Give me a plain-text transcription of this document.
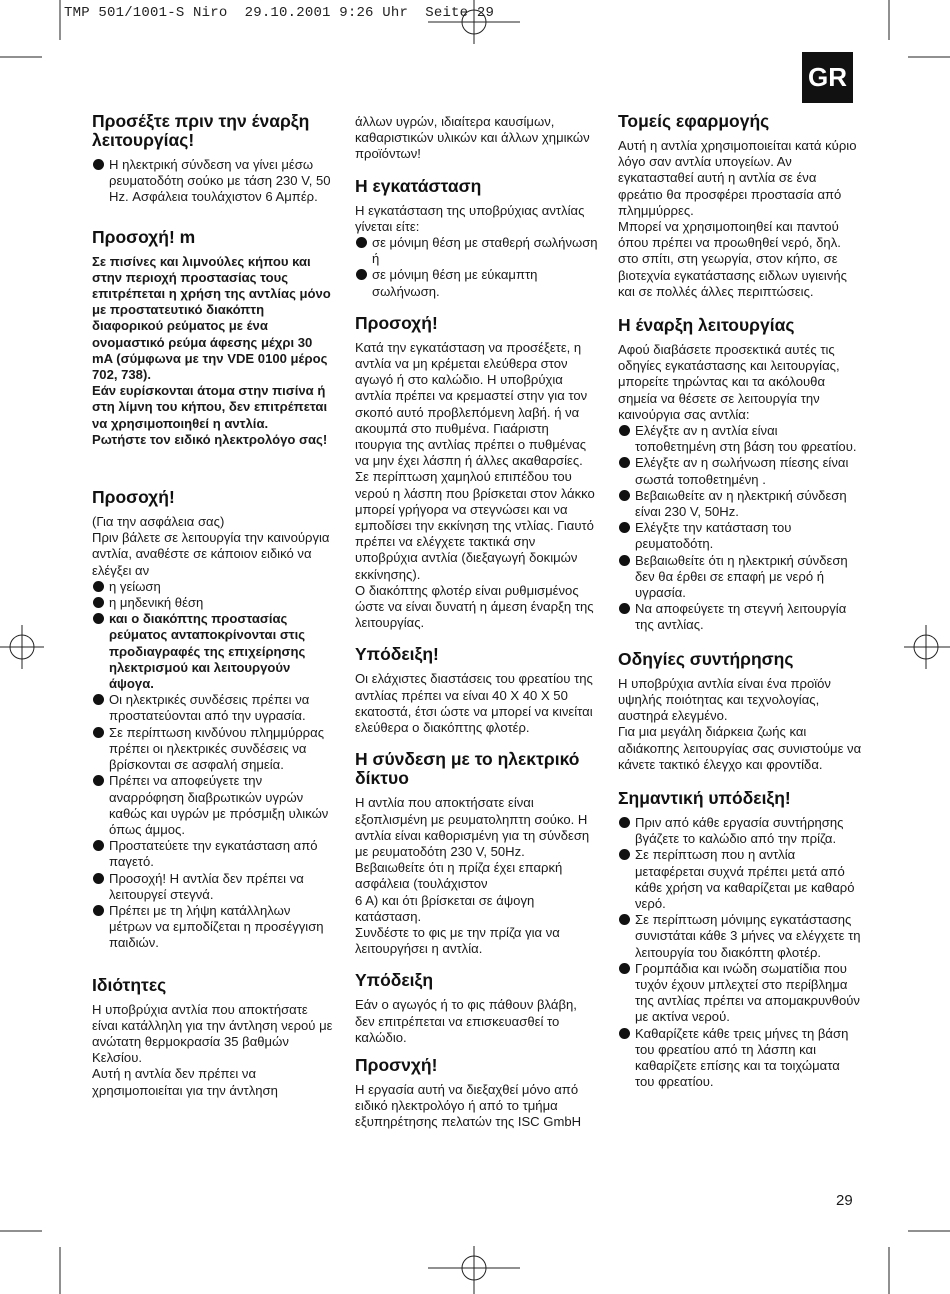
TMP 501/1001-S Niro  29.10.2001 9:26 Uhr  Seite 29
GR
Προσέξτε πριν την έναρξη λειτουργίας!
Η ηλεκτρική σύνδεση να γίνει μέσω ρευματοδότη σούκο με τάση 230 V, 50 Hz. Ασφάλεια τουλάχιστον 6 Αμπέρ.
Προσοχή! m

Σε πισίνες και λιμνούλες κήπου και στην περιοχή προστασίας τους επιτρέπεται η χρήση της αντλίας μόνο με προστατευτικό διακόπτη διαφορικού ρεύματος με ένα ονομαστικό ρεύμα άφεσης μέχρι 30 mA (σύμφωνα με την VDE 0100 μέρος 702, 738).

Εάν ευρίσκονται άτομα στην πισίνα ή στη λίμνη του κήπου, δεν επιτρέπεται να χρησιμοποιηθεί η αντλία.

Ρωτήστε τον ειδικό ηλεκτρολόγο σας!

Προσοχή!

(Για την ασφάλεια σας)

Πριν βάλετε σε λειτουργία την καινούργια αντλία, αναθέστε σε κάποιον ειδικό να ελέγξει αν

η γείωση
η μηδενική θέση
και ο διακόπτης προστασίας ρεύματος ανταποκρίνονται στις προδιαγραφές της επιχείρησης ηλεκτρισμού και λειτουργούν άψογα.
Οι ηλεκτρικές συνδέσεις πρέπει να προστατεύονται από την υγρασία.
Σε περίπτωση κινδύνου πλημμύρρας πρέπει οι ηλεκτρικές συνδέσεις να βρίσκονται σε ασφαλή σημεία.
Πρέπει να αποφεύγετε την αναρρόφηση διαβρωτικών υγρών καθώς και υγρών με πρόσμιξη υλικών όπως άμμος.
Προστατεύετε την εγκατάσταση από παγετό.
Προσοχή! Η αντλία δεν πρέπει να λειτουργεί στεγνά.
Πρέπει με τη λήψη κατάλληλων μέτρων να εμποδίζεται η προσέγγιση παιδιών.
Ιδιότητες

Η υποβρύχια αντλία που αποκτήσατε είναι κατάλληλη για την άντληση νερού με ανώτατη θερμοκρασία 35 βαθμών Κελσίου.

Αυτή η αντλία δεν πρέπει να χρησιμοποιείται για την άντληση

άλλων υγρών, ιδιαίτερα καυσίμων, καθαριστικών υλικών και άλλων χημικών προϊόντων!

Η εγκατάσταση

Η εγκατάσταση της υποβρύχιας αντλίας γίνεται είτε:

σε μόνιμη θέση με σταθερή σωλήνωση ή
σε μόνιμη θέση με εύκαμπτη σωλήνωση.
Προσοχή!

Κατά την εγκατάσταση να προσέξετε, η αντλία να μη κρέμεται ελεύθερα στον αγωγό ή στο καλώδιο. Η υποβρύχια αντλία πρέπει να κρεμαστεί στην για τον σκοπό αυτό προβλεπόμενη λαβή. ή να ακουμπά στο πυθμένα. Γιαάριστη ιτουργια της αντλίας πρέπει ο πυθμένας να μην έχει λάσπη ή άλλες ακαθαρσίες. Σε περίπτωση χαμηλού επιπέδου του νερού η λάσπη που βρίσκεται στον λάκκο μπορεί γρήγορα να στεγνώσει και να εμποδίσει την εκκίνηση της ντλίας. Γιαυτό πρέπει να ελέγχετε τακτικά σην υποβρύχια αντλία (διεξαγωγή δοκιμών εκκίνησης).

Ο διακόπτης φλοτέρ είναι ρυθμισμένος ώστε να είναι δυνατή η άμεση έναρξη της λειτουργίας.

Υπόδειξη!

Οι ελάχιστες διαστάσεις του φρεατίου της αντλίας πρέπει να είναι 40 Χ 40 Χ 50 εκατοστά, έτσι ώστε να μπορεί να κινείται ελεύθερα ο διακόπτης φλοτέρ.

Η σύνδεση με το ηλεκτρικό δίκτυο

Η αντλία που αποκτήσατε είναι εξοπλισμένη με ρευματοληπτη σούκο. Η αντλία είναι καθορισμένη για τη σύνδεση με ρευματοδότη 230 V, 50Hz.

Βεβαιωθείτε ότι η πρίζα έχει επαρκή ασφάλεια (τουλάχιστον

6 Α) και ότι βρίσκεται σε άψογη κατάσταση.

Συνδέστε το φις με την πρίζα για να λειτουργήσει η αντλία.

Υπόδειξη

Εάν ο αγωγός ή το φις πάθουν βλάβη, δεν επιτρέπεται να επισκευασθεί το καλώδιο.

Προσνχή!

Η εργασία αυτή να διεξαχθεί μόνο από ειδικό ηλεκτρολόγο ή από το τμήμα εξυπηρέτησης πελατών της ISC GmbH

Τομείς εφαρμογής

Αυτή η αντλία χρησιμοποιείται κατά κύριο λόγο σαν αντλία υπογείων. Αν εγκατασταθεί αυτή η αντλία σε ένα φρεάτιο θα προσφέρει προστασία από πλημμύρρες.

Μπορεί να χρησιμοποιηθεί και παντού όπου πρέπει να προωθηθεί νερό, δηλ. στο σπίτι, στη γεωργία, στον κήπο, σε βιοτεχνία εγκατάστασης ειδλων υγιεινής και σε πολλές άλλες περιπτώσεις.

Η έναρξη λειτουργίας

Αφού διαβάσετε προσεκτικά αυτές τις οδηγίες εγκατάστασης και λειτουργίας, μπορείτε τηρώντας και τα ακόλουθα σημεία να θέσετε σε λειτουργία την καινούργια σας αντλία:

Ελέγξτε αν η αντλία είναι τοποθετημένη στη βάση του φρεατίου.
Ελέγξτε αν η σωλήνωση πίεσης είναι σωστά τοποθετημένη .
Βεβαιωθείτε αν η ηλεκτρική σύνδεση είναι 230 V, 50Hz.
Ελέγξτε την κατάσταση του ρευματοδότη.
Βεβαιωθείτε ότι η ηλεκτρική σύνδεση δεν θα έρθει σε επαφή με νερό ή υγρασία.
Να αποφεύγετε τη στεγνή λειτουργία της αντλίας.
Οδηγίες συντήρησης

Η υποβρύχια αντλία είναι ένα προϊόν υψηλής ποιότητας και τεχνολογίας, αυστηρά ελεγμένο.

Για μια μεγάλη διάρκεια ζωής και αδιάκοπης λειτουργίας σας συνιστούμε να κάνετε τακτικό έλεγχο και φροντίδα.

Σημαντική υπόδειξη!
Πριν από κάθε εργασία συντήρησης βγάζετε το καλώδιο από την πρίζα.
Σε περίπτωση που η αντλία μεταφέρεται συχνά πρέπει μετά από κάθε χρήση να καθαρίζεται με καθαρό νερό.
Σε περίπτωση μόνιμης εγκατάστασης συνιστάται κάθε 3 μήνες να ελέγχετε τη λειτουργία του διακόπτη φλοτέρ.
Γρομπάδια και ινώδη σωματίδια που τυχόν έχουν μπλεχτεί στο περίβλημα της αντλίας πρέπει να απομακρυνθούν με ακτίνα νερού.
Καθαρίζετε κάθε τρεις μήνες τη βάση του φρεατίου από τη λάσπη και καθαρίζετε επίσης και τα τοιχώματα του φρεατίου.
29
